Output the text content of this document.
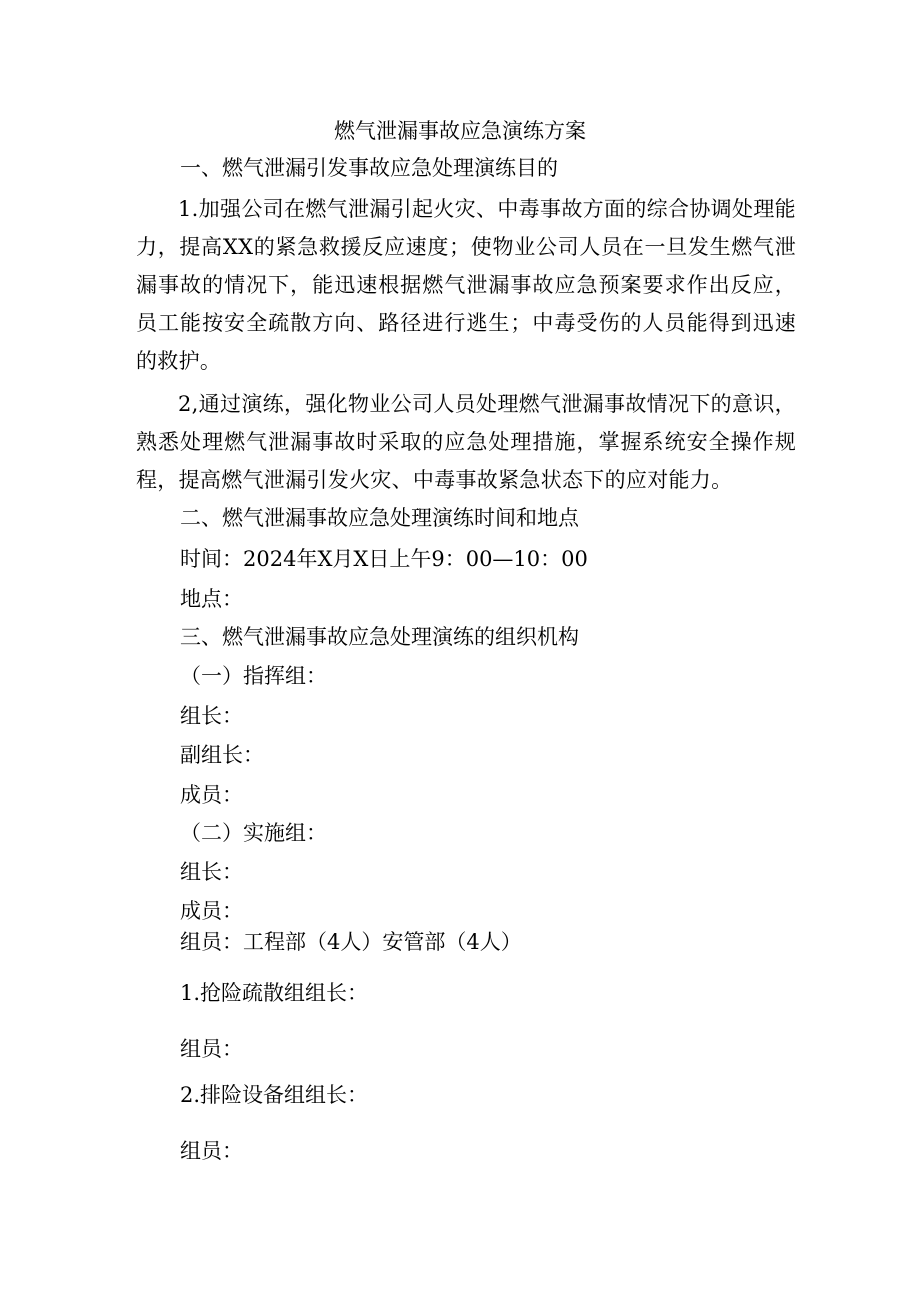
燃气泄漏事故应急演练方案
一、燃气泄漏引发事故应急处理演练目的
1.加强公司在燃气泄漏引起火灾、中毒事故方面的综合协调处理能力，提高XX的紧急救援反应速度；使物业公司人员在一旦发生燃气泄漏事故的情况下，能迅速根据燃气泄漏事故应急预案要求作出反应，员工能按安全疏散方向、路径进行逃生；中毒受伤的人员能得到迅速的救护。
2,通过演练，强化物业公司人员处理燃气泄漏事故情况下的意识，熟悉处理燃气泄漏事故时采取的应急处理措施，掌握系统安全操作规程，提高燃气泄漏引发火灾、中毒事故紧急状态下的应对能力。
二、燃气泄漏事故应急处理演练时间和地点
时间：2024年X月X日上午9：00—10：00
地点：
三、燃气泄漏事故应急处理演练的组织机构
（一）指挥组：
组长：
副组长：
成员：
（二）实施组：
组长：
成员：
组员：工程部（4人）安管部（4人）
1.抢险疏散组组长：
组员：
2.排险设备组组长：
组员：
